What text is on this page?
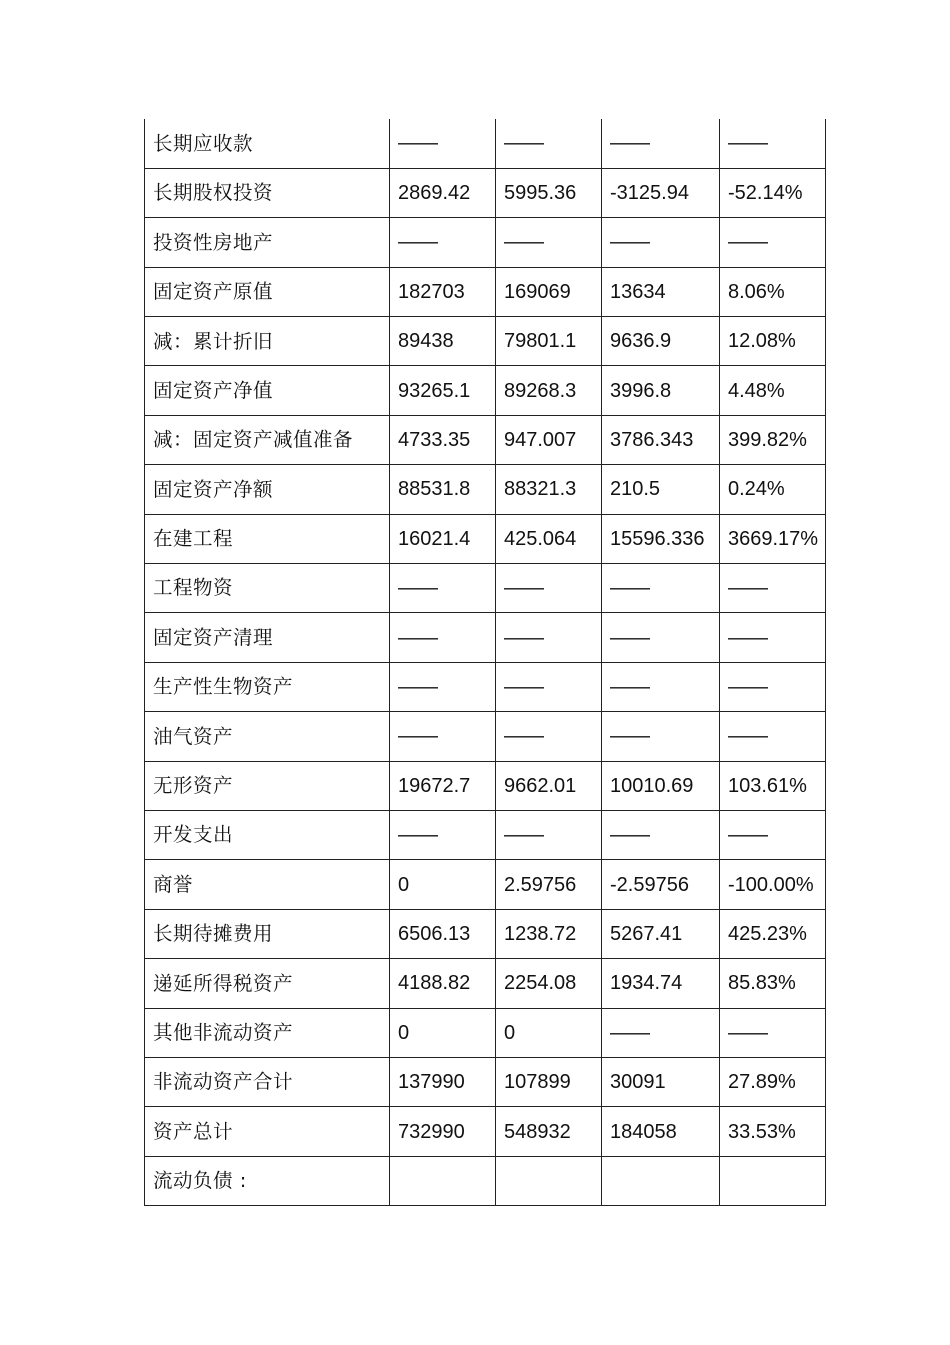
长期应收款	——	——	——	——
长期股权投资	2869.42	5995.36	-3125.94	-52.14%
投资性房地产	——	——	——	——
固定资产原值	182703	169069	13634	8.06%
减：累计折旧	89438	79801.1	9636.9	12.08%
固定资产净值	93265.1	89268.3	3996.8	4.48%
减：固定资产减值准备	4733.35	947.007	3786.343	399.82%
固定资产净额	88531.8	88321.3	210.5	0.24%
在建工程	16021.4	425.064	15596.336	3669.17%
工程物资	——	——	——	——
固定资产清理	——	——	——	——
生产性生物资产	——	——	——	——
油气资产	——	——	——	——
无形资产	19672.7	9662.01	10010.69	103.61%
开发支出	——	——	——	——
商誉	0	2.59756	-2.59756	-100.00%
长期待摊费用	6506.13	1238.72	5267.41	425.23%
递延所得税资产	4188.82	2254.08	1934.74	85.83%
其他非流动资产	0	0	——	——
非流动资产合计	137990	107899	30091	27.89%
资产总计	732990	548932	184058	33.53%
流动负债 :				
